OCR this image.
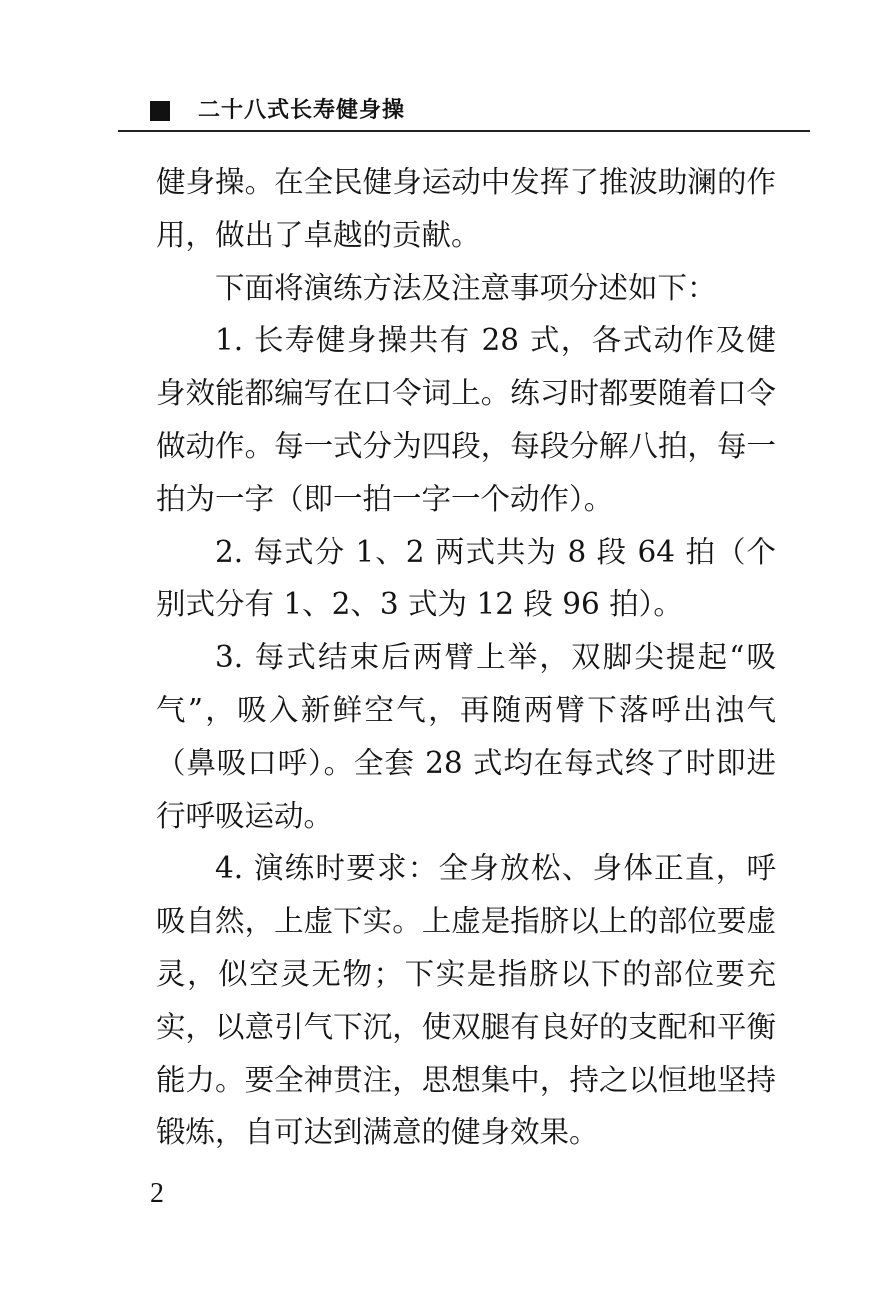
二十八式长寿健身操

健身操。在全民健身运动中发挥了推波助澜的作用，做出了卓越的贡献。

下面将演练方法及注意事项分述如下：

1. 长寿健身操共有 28 式，各式动作及健身效能都编写在口令词上。练习时都要随着口令做动作。每一式分为四段，每段分解八拍，每一拍为一字（即一拍一字一个动作）。

2. 每式分 1、2 两式共为 8 段 64 拍（个别式分有 1、2、3 式为 12 段 96 拍）。

3. 每式结束后两臂上举，双脚尖提起“吸气”，吸入新鲜空气，再随两臂下落呼出浊气（鼻吸口呼）。全套 28 式均在每式终了时即进行呼吸运动。

4. 演练时要求：全身放松、身体正直，呼吸自然，上虚下实。上虚是指脐以上的部位要虚灵，似空灵无物；下实是指脐以下的部位要充实，以意引气下沉，使双腿有良好的支配和平衡能力。要全神贯注，思想集中，持之以恒地坚持锻炼，自可达到满意的健身效果。

2
